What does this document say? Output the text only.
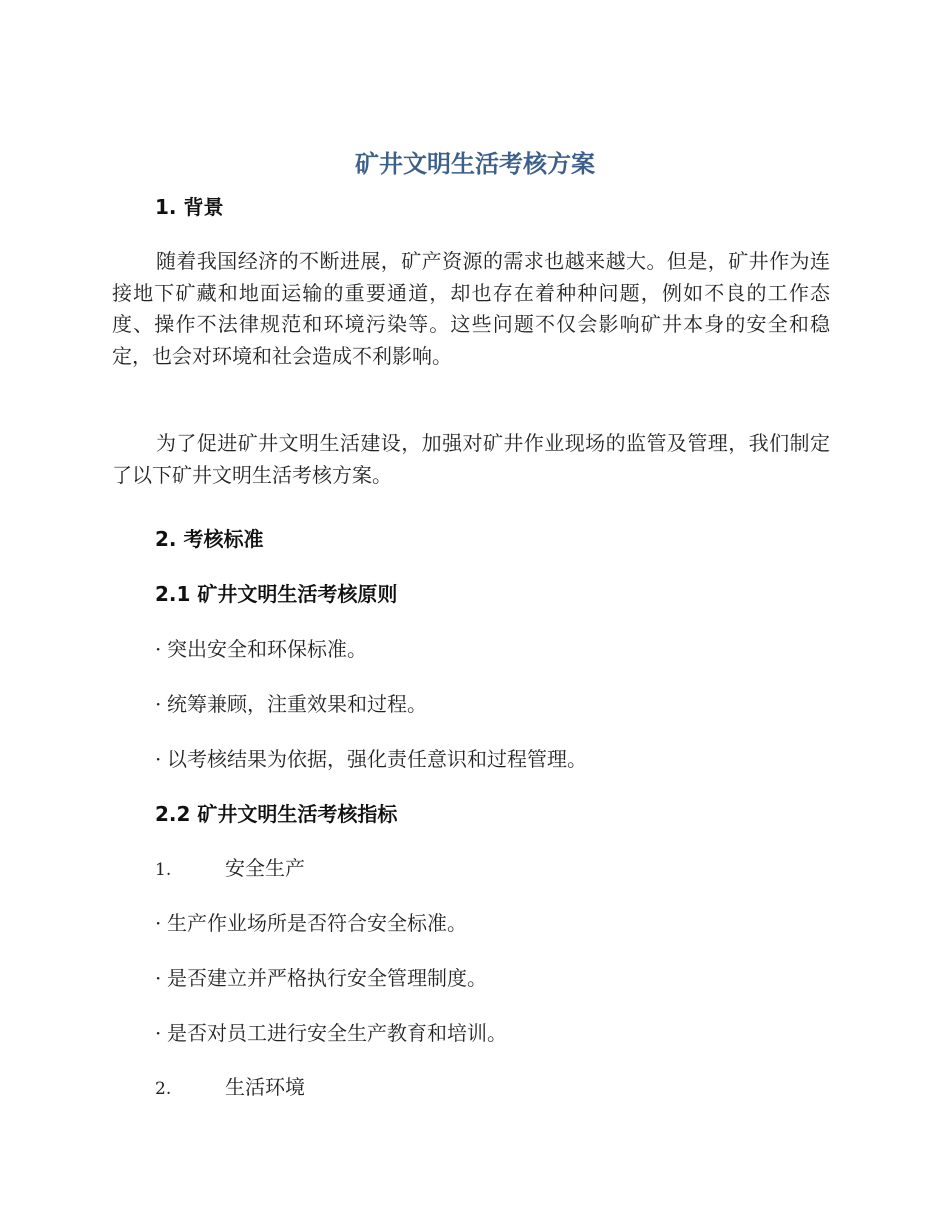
矿井文明生活考核方案
1. 背景

随着我国经济的不断进展，矿产资源的需求也越来越大。但是，矿井作为连接地下矿藏和地面运输的重要通道，却也存在着种种问题，例如不良的工作态度、操作不法律规范和环境污染等。这些问题不仅会影响矿井本身的安全和稳定，也会对环境和社会造成不利影响。

为了促进矿井文明生活建设，加强对矿井作业现场的监管及管理，我们制定了以下矿井文明生活考核方案。

2. 考核标准
2.1 矿井文明生活考核原则

· 突出安全和环保标准。

· 统筹兼顾，注重效果和过程。

· 以考核结果为依据，强化责任意识和过程管理。

2.2 矿井文明生活考核指标

1.	安全生产

· 生产作业场所是否符合安全标准。

· 是否建立并严格执行安全管理制度。

· 是否对员工进行安全生产教育和培训。

2.	生活环境
